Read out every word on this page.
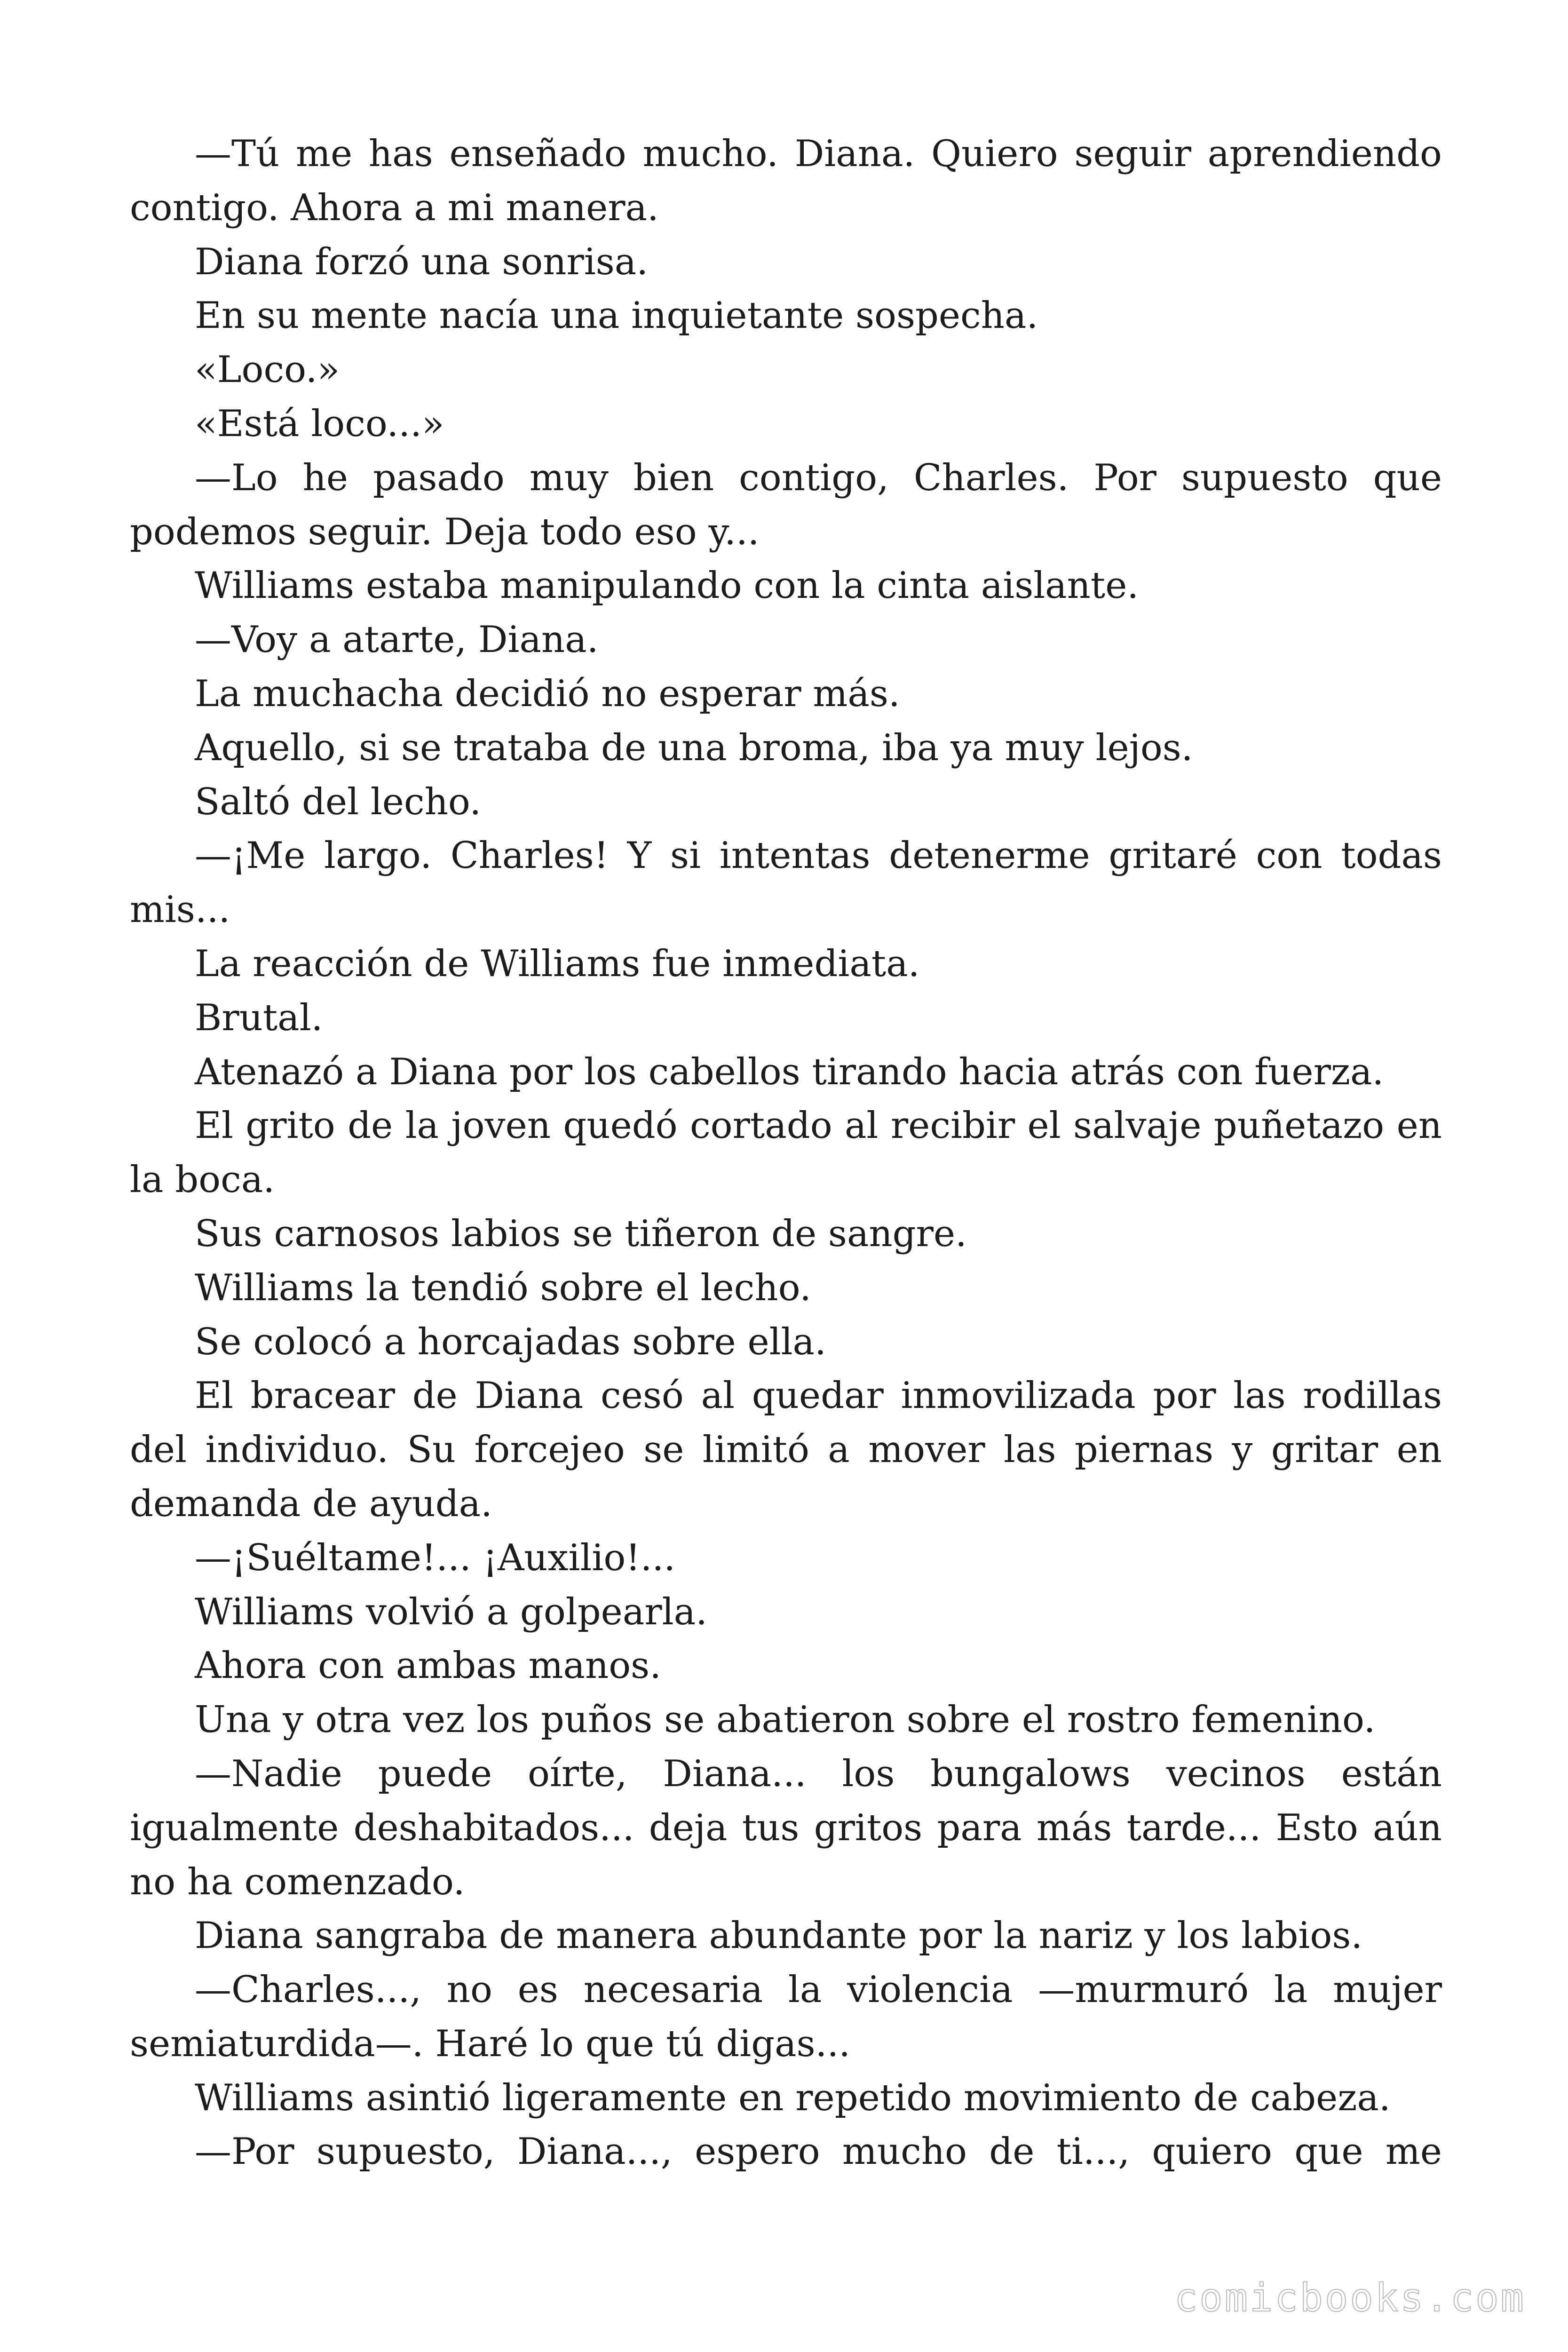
—Tú me has enseñado mucho. Diana. Quiero seguir aprendiendo contigo. Ahora a mi manera.

Diana forzó una sonrisa.

En su mente nacía una inquietante sospecha.

«Loco.»

«Está loco...»

—Lo he pasado muy bien contigo, Charles. Por supuesto que podemos seguir. Deja todo eso y...

Williams estaba manipulando con la cinta aislante.

—Voy a atarte, Diana.

La muchacha decidió no esperar más.

Aquello, si se trataba de una broma, iba ya muy lejos.

Saltó del lecho.

—¡Me largo. Charles! Y si intentas detenerme gritaré con todas mis...

La reacción de Williams fue inmediata.

Brutal.

Atenazó a Diana por los cabellos tirando hacia atrás con fuerza.

El grito de la joven quedó cortado al recibir el salvaje puñetazo en la boca.

Sus carnosos labios se tiñeron de sangre.

Williams la tendió sobre el lecho.

Se colocó a horcajadas sobre ella.

El bracear de Diana cesó al quedar inmovilizada por las rodillas del individuo. Su forcejeo se limitó a mover las piernas y gritar en demanda de ayuda.

—¡Suéltame!... ¡Auxilio!...

Williams volvió a golpearla.

Ahora con ambas manos.

Una y otra vez los puños se abatieron sobre el rostro femenino.

—Nadie puede oírte, Diana... los bungalows vecinos están igualmente deshabitados... deja tus gritos para más tarde... Esto aún no ha comenzado.

Diana sangraba de manera abundante por la nariz y los labios.

—Charles..., no es necesaria la violencia —murmuró la mujer semiaturdida—. Haré lo que tú digas...

Williams asintió ligeramente en repetido movimiento de cabeza.

—Por supuesto, Diana..., espero mucho de ti..., quiero que me

comicbooks.com
